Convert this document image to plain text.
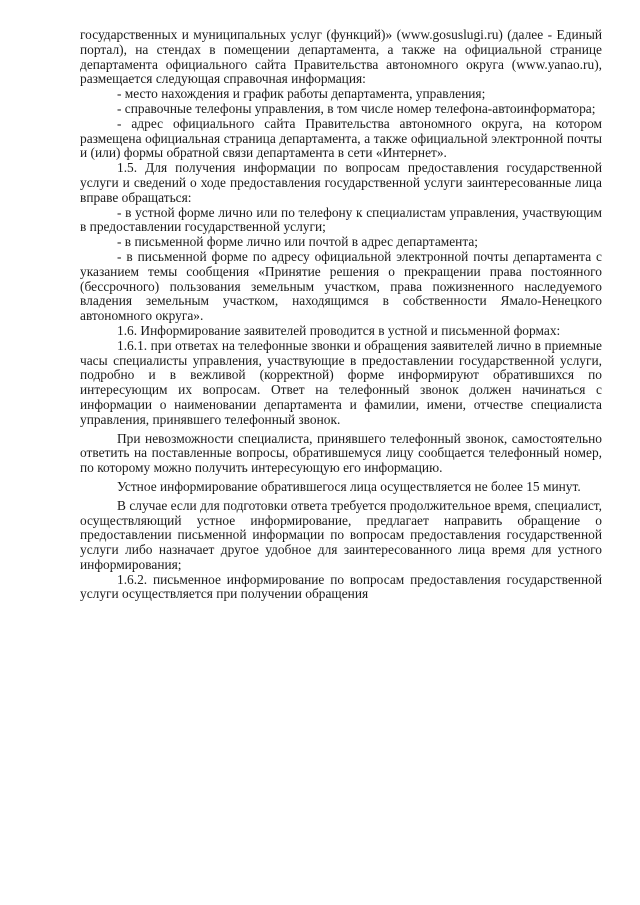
государственных и муниципальных услуг (функций)» (www.gosuslugi.ru) (далее - Единый портал), на стендах в помещении департамента, а также на официальной странице департамента официального сайта Правительства автономного округа (www.yanao.ru), размещается следующая справочная информация:

- место нахождения и график работы департамента, управления;

- справочные телефоны управления, в том числе номер телефона-автоинформатора;

- адрес официального сайта Правительства автономного округа, на котором размещена официальная страница департамента, а также официальной электронной почты и (или) формы обратной связи департамента в сети «Интернет».

1.5. Для получения информации по вопросам предоставления государственной услуги и сведений о ходе предоставления государственной услуги заинтересованные лица вправе обращаться:

- в устной форме лично или по телефону к специалистам управления, участвующим в предоставлении государственной услуги;

- в письменной форме лично или почтой в адрес департамента;

- в письменной форме по адресу официальной электронной почты департамента с указанием темы сообщения «Принятие решения о прекращении права постоянного (бессрочного) пользования земельным участком, права пожизненного наследуемого владения земельным участком, находящимся в собственности Ямало-Ненецкого автономного округа».

1.6. Информирование заявителей проводится в устной и письменной формах:

1.6.1. при ответах на телефонные звонки и обращения заявителей лично в приемные часы специалисты управления, участвующие в предоставлении государственной услуги, подробно и в вежливой (корректной) форме информируют обратившихся по интересующим их вопросам. Ответ на телефонный звонок должен начинаться с информации о наименовании департамента и фамилии, имени, отчестве специалиста управления, принявшего телефонный звонок.

При невозможности специалиста, принявшего телефонный звонок, самостоятельно ответить на поставленные вопросы, обратившемуся лицу сообщается телефонный номер, по которому можно получить интересующую его информацию.

Устное информирование обратившегося лица осуществляется не более 15 минут.

В случае если для подготовки ответа требуется продолжительное время, специалист, осуществляющий устное информирование, предлагает направить обращение о предоставлении письменной информации по вопросам предоставления государственной услуги либо назначает другое удобное для заинтересованного лица время для устного информирования;

1.6.2. письменное информирование по вопросам предоставления государственной услуги осуществляется при получении обращения
